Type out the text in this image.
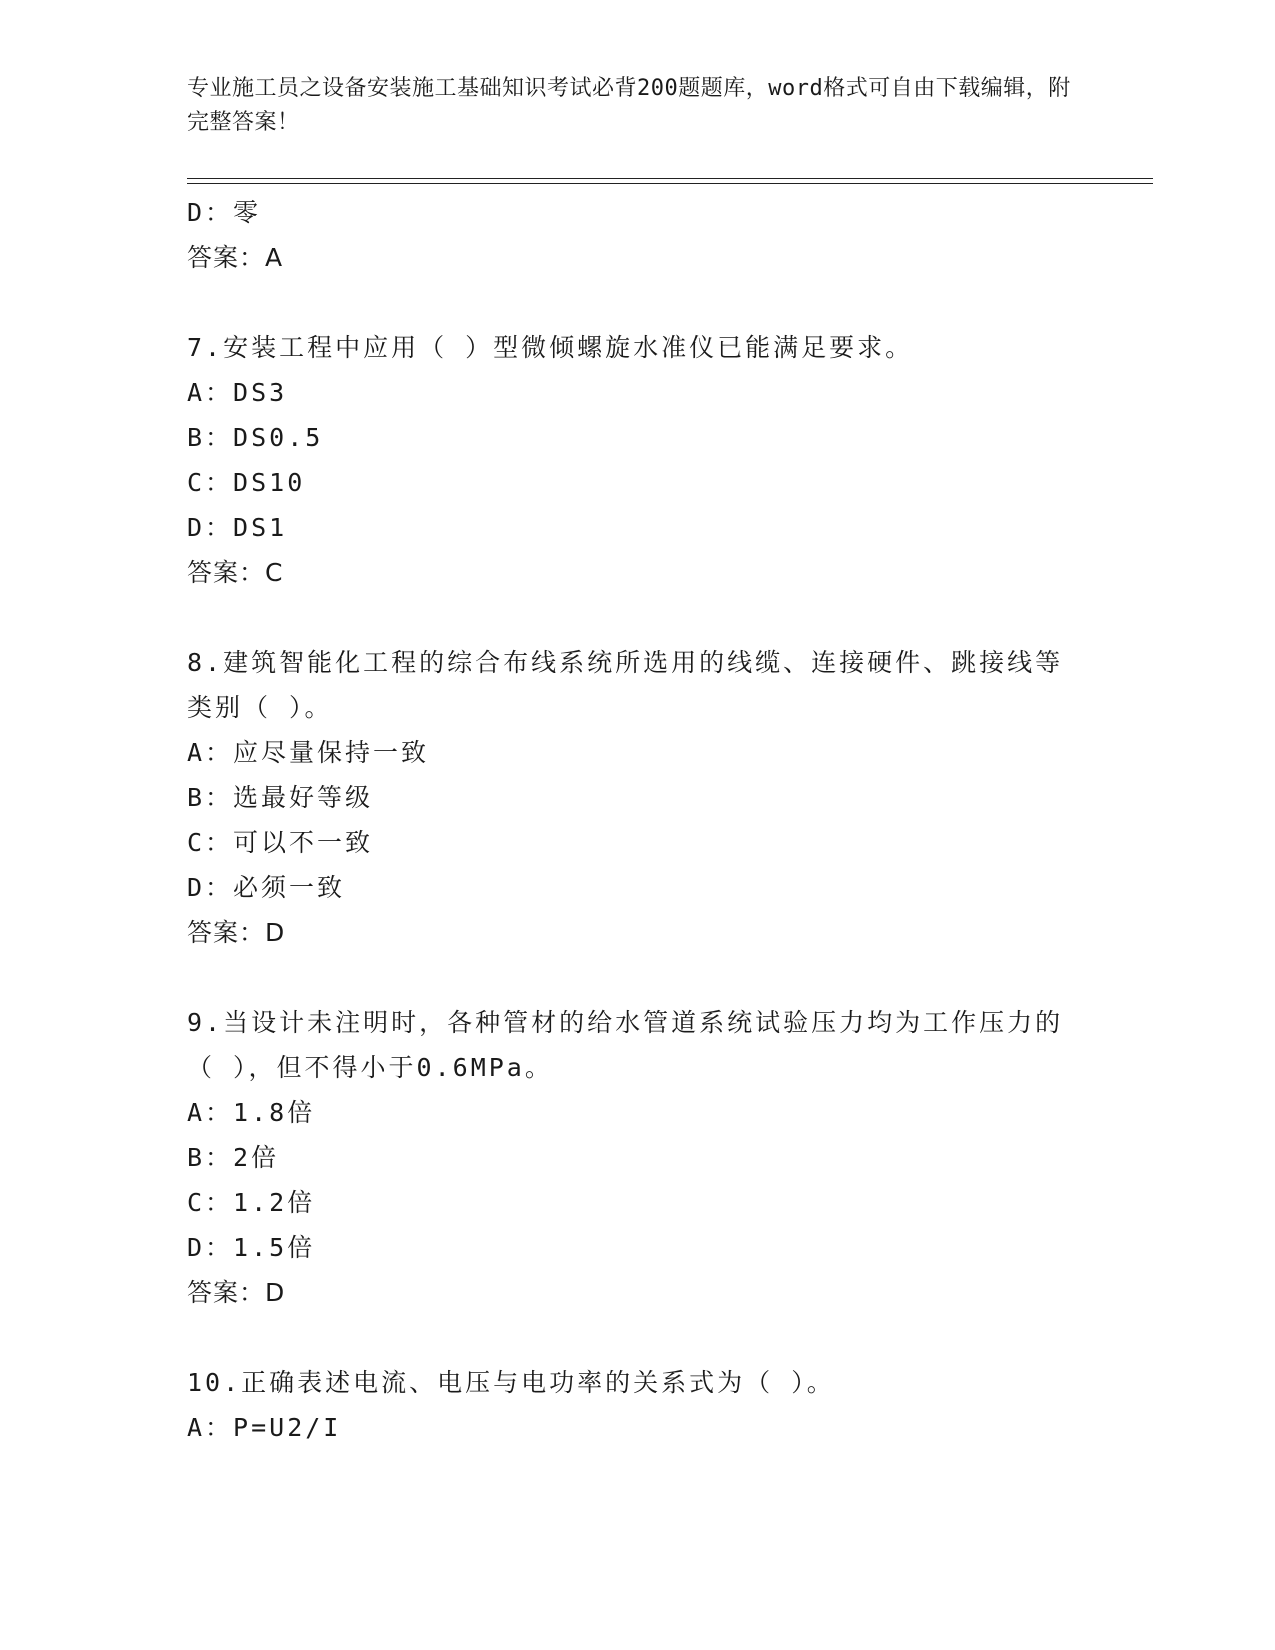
专业施工员之设备安装施工基础知识考试必背200题题库，word格式可自由下载编辑，附完整答案！
D：零
答案：A
7.安装工程中应用（ ）型微倾螺旋水准仪已能满足要求。
A：DS3
B：DS0.5
C：DS10
D：DS1
答案：C
8.建筑智能化工程的综合布线系统所选用的线缆、连接硬件、跳接线等类别（ ）。
A：应尽量保持一致
B：选最好等级
C：可以不一致
D：必须一致
答案：D
9.当设计未注明时，各种管材的给水管道系统试验压力均为工作压力的（ ），但不得小于0.6MPa。
A：1.8倍
B：2倍
C：1.2倍
D：1.5倍
答案：D
10.正确表述电流、电压与电功率的关系式为（ ）。
A：P=U2/I
